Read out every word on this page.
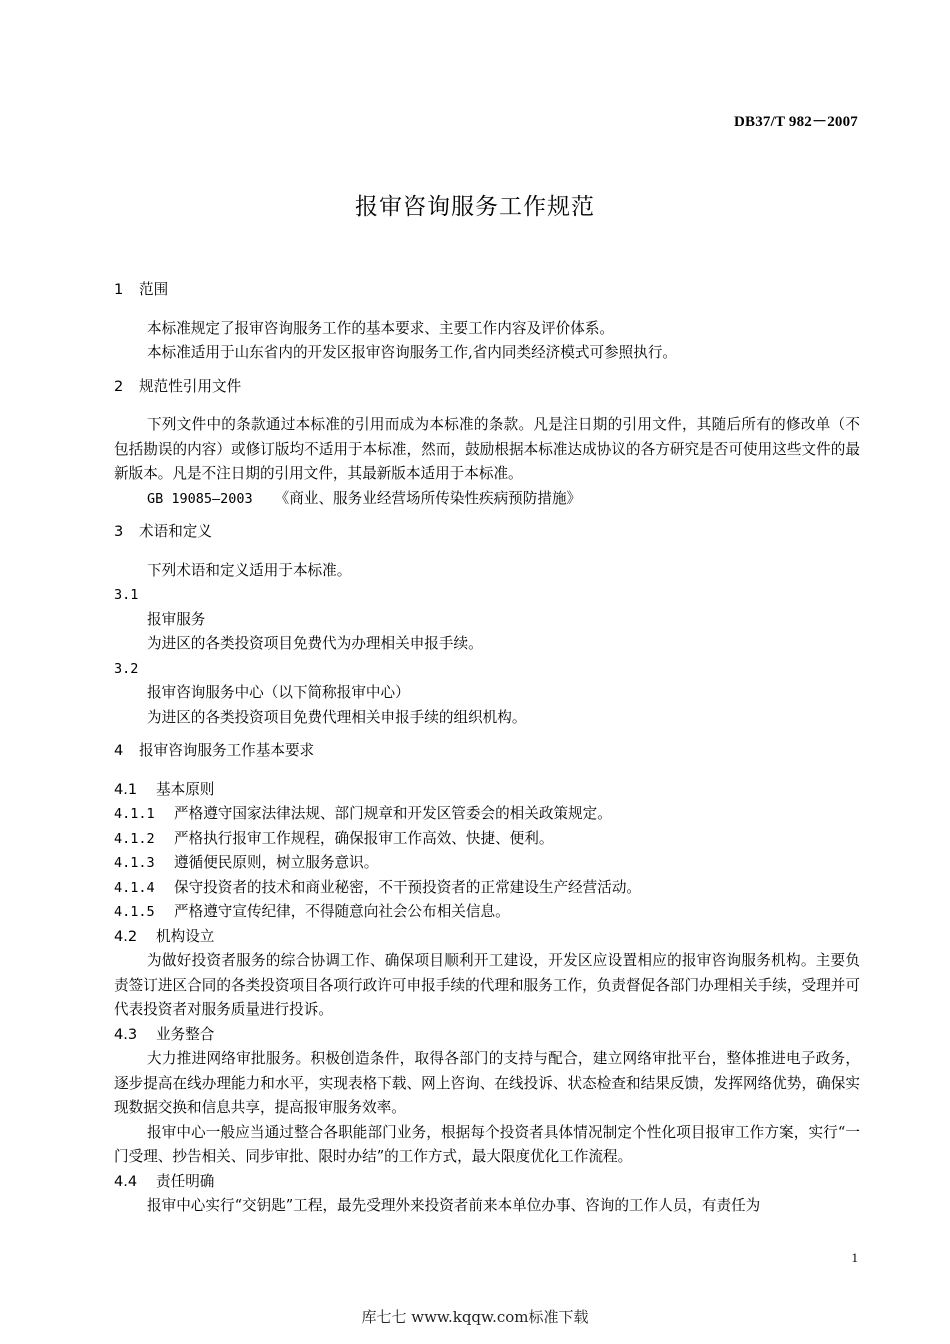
DB37/T 982－2007
报审咨询服务工作规范

1 范围

本标准规定了报审咨询服务工作的基本要求、主要工作内容及评价体系。

本标准适用于山东省内的开发区报审咨询服务工作,省内同类经济模式可参照执行。

2 规范性引用文件

下列文件中的条款通过本标准的引用而成为本标准的条款。凡是注日期的引用文件，其随后所有的修改单（不包括勘误的内容）或修订版均不适用于本标准，然而，鼓励根据本标准达成协议的各方研究是否可使用这些文件的最新版本。凡是不注日期的引用文件，其最新版本适用于本标准。

GB 19085—2003 《商业、服务业经营场所传染性疾病预防措施》

3 术语和定义

下列术语和定义适用于本标准。

3.1

报审服务

为进区的各类投资项目免费代为办理相关申报手续。

3.2

报审咨询服务中心（以下简称报审中心）

为进区的各类投资项目免费代理相关申报手续的组织机构。

4 报审咨询服务工作基本要求

4.1 基本原则

4.1.1 严格遵守国家法律法规、部门规章和开发区管委会的相关政策规定。

4.1.2 严格执行报审工作规程，确保报审工作高效、快捷、便利。

4.1.3 遵循便民原则，树立服务意识。

4.1.4 保守投资者的技术和商业秘密，不干预投资者的正常建设生产经营活动。

4.1.5 严格遵守宣传纪律，不得随意向社会公布相关信息。

4.2 机构设立

为做好投资者服务的综合协调工作、确保项目顺利开工建设，开发区应设置相应的报审咨询服务机构。主要负责签订进区合同的各类投资项目各项行政许可申报手续的代理和服务工作，负责督促各部门办理相关手续，受理并可代表投资者对服务质量进行投诉。

4.3 业务整合

大力推进网络审批服务。积极创造条件，取得各部门的支持与配合，建立网络审批平台，整体推进电子政务，逐步提高在线办理能力和水平，实现表格下载、网上咨询、在线投诉、状态检查和结果反馈，发挥网络优势，确保实现数据交换和信息共享，提高报审服务效率。

报审中心一般应当通过整合各职能部门业务，根据每个投资者具体情况制定个性化项目报审工作方案，实行“一门受理、抄告相关、同步审批、限时办结”的工作方式，最大限度优化工作流程。

4.4 责任明确

报审中心实行“交钥匙”工程，最先受理外来投资者前来本单位办事、咨询的工作人员，有责任为

1
库七七 www.kqqw.com标准下载
